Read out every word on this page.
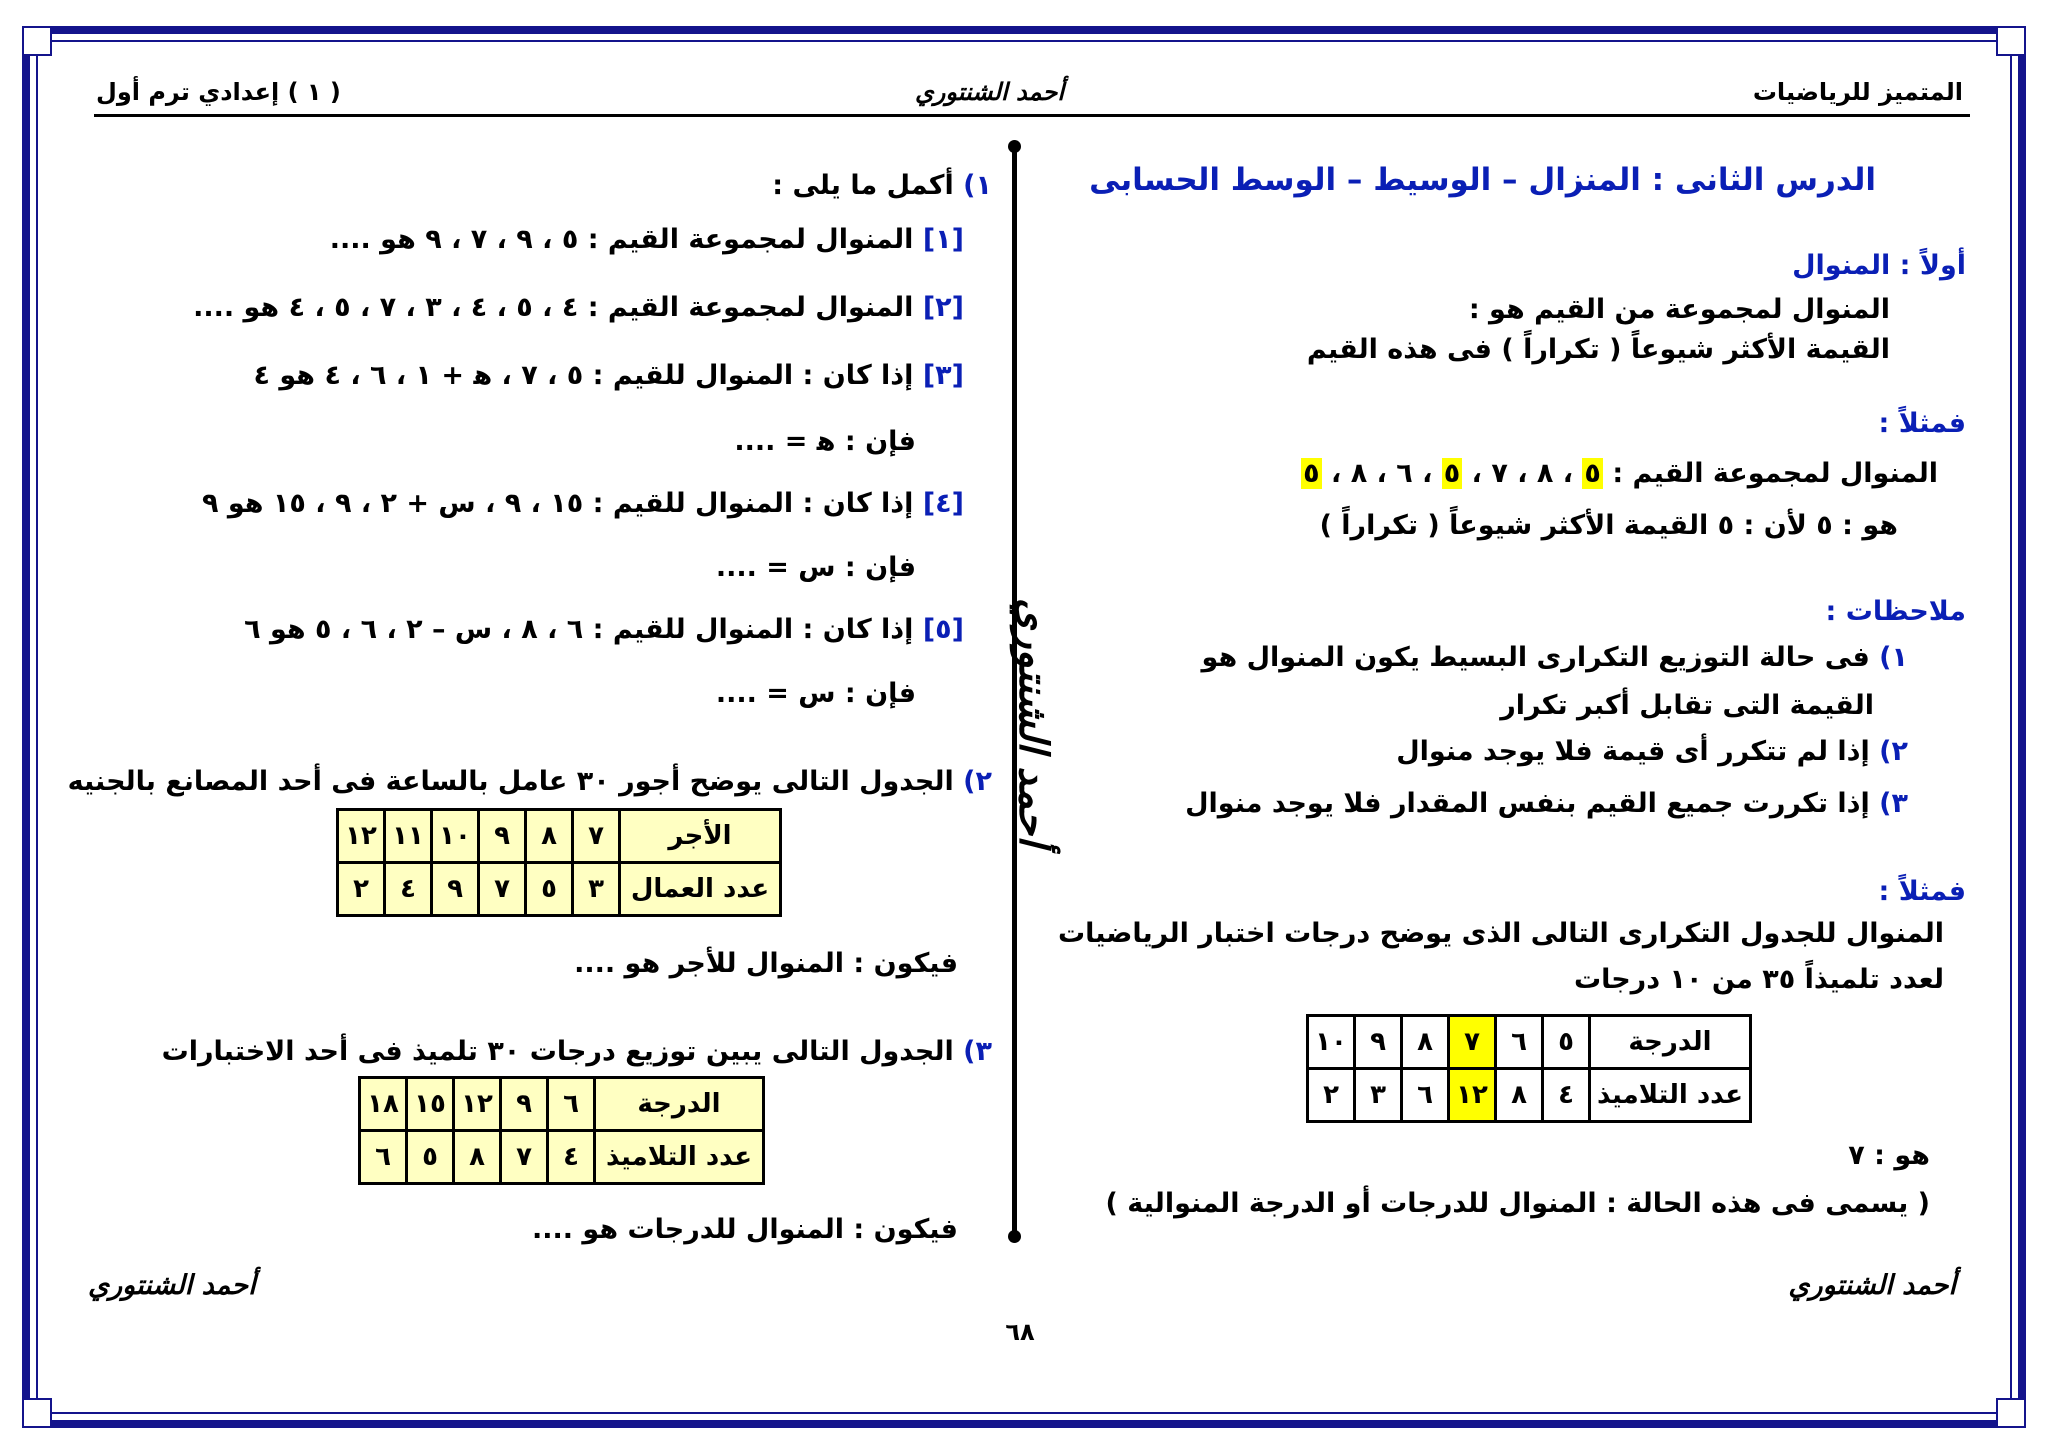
المتميز للرياضيات
أحمد الشنتوري
( ١ ) إعدادي ترم أول
أحمد الشنتوري
الدرس الثانى : المنزال – الوسيط – الوسط الحسابى
أولاً : المنوال
المنوال لمجموعة من القيم هو :
القيمة الأكثر شيوعاً ( تكراراً ) فى هذه القيم
فمثلاً :
المنوال لمجموعة القيم : ٥ ، ٨ ، ٧ ، ٥ ، ٦ ، ٨ ، ٥
هو : ٥ لأن : ٥ القيمة الأكثر شيوعاً ( تكراراً )
ملاحظات :
١) فى حالة التوزيع التكرارى البسيط يكون المنوال هو
القيمة التى تقابل أكبر تكرار
٢) إذا لم تتكرر أى قيمة فلا يوجد منوال
٣) إذا تكررت جميع القيم بنفس المقدار فلا يوجد منوال
فمثلاً :
المنوال للجدول التكرارى التالى الذى يوضح درجات اختبار الرياضيات
لعدد تلميذاً ٣٥ من ١٠ درجات
الدرجة	٥	٦	٧	٨	٩	١٠
عدد التلاميذ	٤	٨	١٢	٦	٣	٢
هو : ٧
( يسمى فى هذه الحالة : المنوال للدرجات أو الدرجة المنوالية )
أحمد الشنتوري
١) أكمل ما يلى :
[١] المنوال لمجموعة القيم : ٥ ، ٩ ، ٧ ، ٩ هو ....
[٢] المنوال لمجموعة القيم : ٤ ، ٥ ، ٤ ، ٣ ، ٧ ، ٥ ، ٤ هو ....
[٣] إذا كان : المنوال للقيم : ٥ ، ٧ ، ﻫ + ١ ، ٦ ، ٤ هو ٤
فإن : ﻫ = ....
[٤] إذا كان : المنوال للقيم : ١٥ ، ٩ ، س + ٢ ، ٩ ، ١٥ هو ٩
فإن : س = ....
[٥] إذا كان : المنوال للقيم : ٦ ، ٨ ، س – ٢ ، ٦ ، ٥ هو ٦
فإن : س = ....
٢) الجدول التالى يوضح أجور ٣٠ عامل بالساعة فى أحد المصانع بالجنيه
الأجر	٧	٨	٩	١٠	١١	١٢
عدد العمال	٣	٥	٧	٩	٤	٢
فيكون : المنوال للأجر هو ....
٣) الجدول التالى يبين توزيع درجات ٣٠ تلميذ فى أحد الاختبارات
الدرجة	٦	٩	١٢	١٥	١٨
عدد التلاميذ	٤	٧	٨	٥	٦
فيكون : المنوال للدرجات هو ....
أحمد الشنتوري
٦٨
